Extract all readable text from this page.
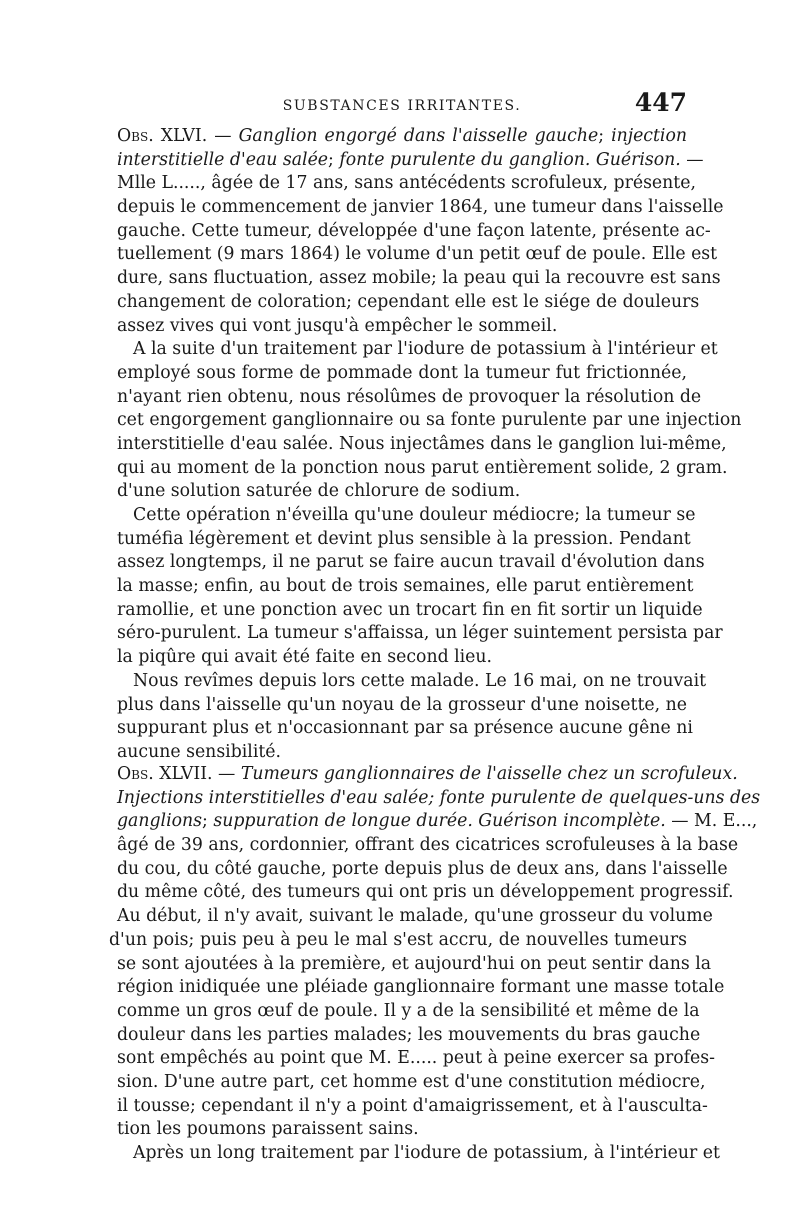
SUBSTANCES IRRITANTES.	447
Obs. XLVI. — Ganglion engorgé dans l'aisselle gauche; injection
interstitielle d'eau salée; fonte purulente du ganglion. Guérison. —
Mlle L....., âgée de 17 ans, sans antécédents scrofuleux, présente,
depuis le commencement de janvier 1864, une tumeur dans l'aisselle
gauche. Cette tumeur, développée d'une façon latente, présente ac-
tuellement (9 mars 1864) le volume d'un petit œuf de poule. Elle est
dure, sans fluctuation, assez mobile; la peau qui la recouvre est sans
changement de coloration; cependant elle est le siége de douleurs
assez vives qui vont jusqu'à empêcher le sommeil.
A la suite d'un traitement par l'iodure de potassium à l'intérieur et
employé sous forme de pommade dont la tumeur fut frictionnée,
n'ayant rien obtenu, nous résolûmes de provoquer la résolution de
cet engorgement ganglionnaire ou sa fonte purulente par une injection
interstitielle d'eau salée. Nous injectâmes dans le ganglion lui-même,
qui au moment de la ponction nous parut entièrement solide, 2 gram.
d'une solution saturée de chlorure de sodium.
Cette opération n'éveilla qu'une douleur médiocre; la tumeur se
tuméfia légèrement et devint plus sensible à la pression. Pendant
assez longtemps, il ne parut se faire aucun travail d'évolution dans
la masse; enfin, au bout de trois semaines, elle parut entièrement
ramollie, et une ponction avec un trocart fin en fit sortir un liquide
séro-purulent. La tumeur s'affaissa, un léger suintement persista par
la piqûre qui avait été faite en second lieu.
Nous revîmes depuis lors cette malade. Le 16 mai, on ne trouvait
plus dans l'aisselle qu'un noyau de la grosseur d'une noisette, ne
suppurant plus et n'occasionnant par sa présence aucune gêne ni
aucune sensibilité.
Obs. XLVII. — Tumeurs ganglionnaires de l'aisselle chez un scrofuleux.
Injections interstitielles d'eau salée; fonte purulente de quelques-uns des
ganglions; suppuration de longue durée. Guérison incomplète. — M. E...,
âgé de 39 ans, cordonnier, offrant des cicatrices scrofuleuses à la base
du cou, du côté gauche, porte depuis plus de deux ans, dans l'aisselle
du même côté, des tumeurs qui ont pris un développement progressif.
Au début, il n'y avait, suivant le malade, qu'une grosseur du volume
d'un pois; puis peu à peu le mal s'est accru, de nouvelles tumeurs
se sont ajoutées à la première, et aujourd'hui on peut sentir dans la
région inidiquée une pléiade ganglionnaire formant une masse totale
comme un gros œuf de poule. Il y a de la sensibilité et même de la
douleur dans les parties malades; les mouvements du bras gauche
sont empêchés au point que M. E..... peut à peine exercer sa profes-
sion. D'une autre part, cet homme est d'une constitution médiocre,
il tousse; cependant il n'y a point d'amaigrissement, et à l'ausculta-
tion les poumons paraissent sains.
Après un long traitement par l'iodure de potassium, à l'intérieur et
